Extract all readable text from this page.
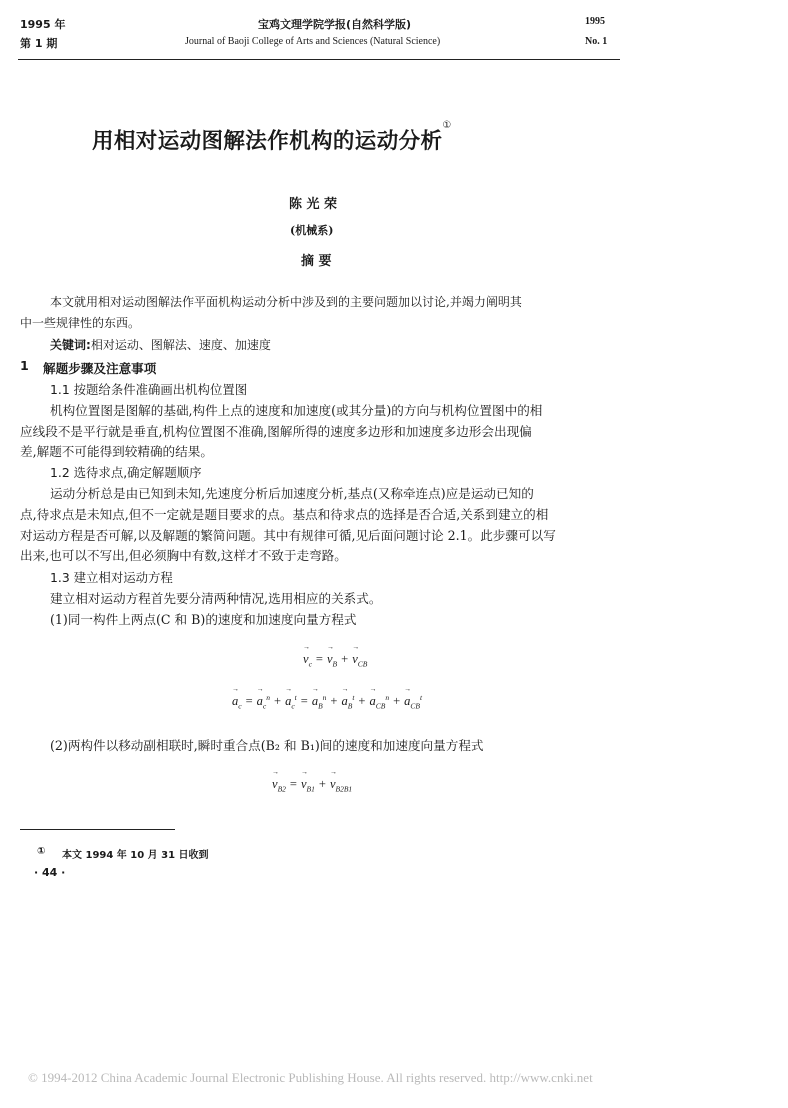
1995 年
第 1 期
宝鸡文理学院学报(自然科学版)
Journal of Baoji College of Arts and Sciences (Natural Science)
1995
No. 1
用相对运动图解法作机构的运动分析①
陈 光 荣
(机械系)
摘 要
本文就用相对运动图解法作平面机构运动分析中涉及到的主要问题加以讨论,并竭力阐明其
中一些规律性的东西。
关键词:相对运动、图解法、速度、加速度
1 解题步骤及注意事项
1.1 按题给条件准确画出机构位置图
机构位置图是图解的基础,构件上点的速度和加速度(或其分量)的方向与机构位置图中的相
应线段不是平行就是垂直,机构位置图不准确,图解所得的速度多边形和加速度多边形会出现偏
差,解题不可能得到较精确的结果。
1.2 选待求点,确定解题顺序
运动分析总是由已知到未知,先速度分析后加速度分析,基点(又称牵连点)应是运动已知的
点,待求点是未知点,但不一定就是题目要求的点。基点和待求点的选择是否合适,关系到建立的相
对运动方程是否可解,以及解题的繁简问题。其中有规律可循,见后面问题讨论 2.1。此步骤可以写
出来,也可以不写出,但必须胸中有数,这样才不致于走弯路。
1.3 建立相对运动方程
建立相对运动方程首先要分清两种情况,选用相应的关系式。
(1)同一构件上两点(C 和 B)的速度和加速度向量方程式
→ $v_c =\to v_B +\to v_{CB}$
→ $a_c =\to a_c^n +\to a_c^t =\to a_B^n +\to a_B^t +\to a_{CB}^n +\to a_{CB}^t$
(2)两构件以移动副相联时,瞬时重合点(B₂ 和 B₁)间的速度和加速度向量方程式
→ $v_{B2} =\to v_{B1} +\to v_{B2B1}$
① 本文 1994 年 10 月 31 日收到
· 44 ·
© 1994-2012 China Academic Journal Electronic Publishing House. All rights reserved. http://www.cnki.net
